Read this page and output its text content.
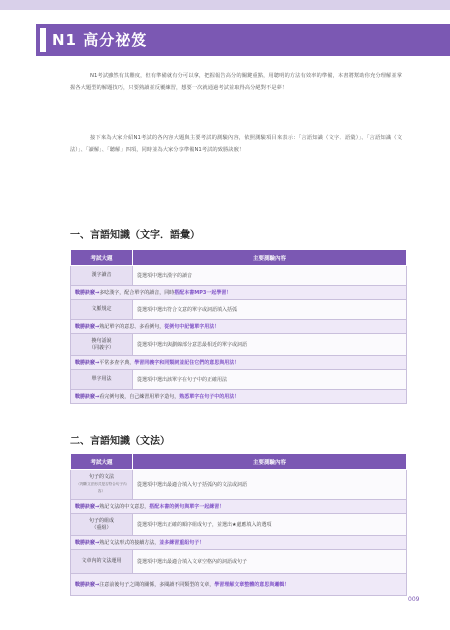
N1 高分祕笈

N1考試雖然有其難度，但有準備就有分可以拿，把握報告高分的關鍵重點，用聰明的方法有效率的準備，本書將幫助你充分理解並掌握各大題型的解題技巧，只要熟讀並反覆練習，想要一次就通過考試並取得高分絕對不是夢！

接下來為大家介紹N1考試的各內容大題與主要考試的測驗內容，依照測驗項目來表示：「言語知識（文字．語彙）」、「言語知識（文法）」、「讀解」、「聽解」四項，同時並為大家分享準備N1考試的致勝訣竅！

一、言語知識（文字．語彙）
考試大題	主要測驗內容
漢字讀音	從選項中選出漢字的讀音
戰勝訣竅→多唸漢字，配合單字的讀音，同時搭配本書MP3一起學習！	
文脈規定	從選項中選出符合文意的單字或詞語填入括弧
戰勝訣竅→熟記單字的意思、多看例句，從例句中記憶單字用法！	
換句話說
（同義字）	從選項中選出與劃線部分意思最相近的單字或詞語
戰勝訣竅→平常多查字典，學習同義字和同類詞並記住它們的意思與用法！	
單字用法	從選項中選出該單字在句子中的正確用法
戰勝訣竅→看完例句後，自己練習用單字造句，熟悉單字在句子中的用法！	
二、言語知識（文法）
考試大題	主要測驗內容
句子的文法
（判斷文法形式是否符合句子內容）	從選項中選出最適合填入句子括弧內的文法或詞語
戰勝訣竅→熟記文法的中文意思，搭配本書的例句與單字一起練習！	
句子的組成
（重組）	從選項中選出正確的順序組成句子，並選出★處應填入的選項
戰勝訣竅→熟記文法形式的接續方法，並多練習重組句子！	
文章內的文法運用	從選項中選出最適合填入文章空格內的詞語或句子
戰勝訣竅→注意前後句子之間的關係，多閱讀不同類型的文章，學習理解文章整體的意思與邏輯！	
009
